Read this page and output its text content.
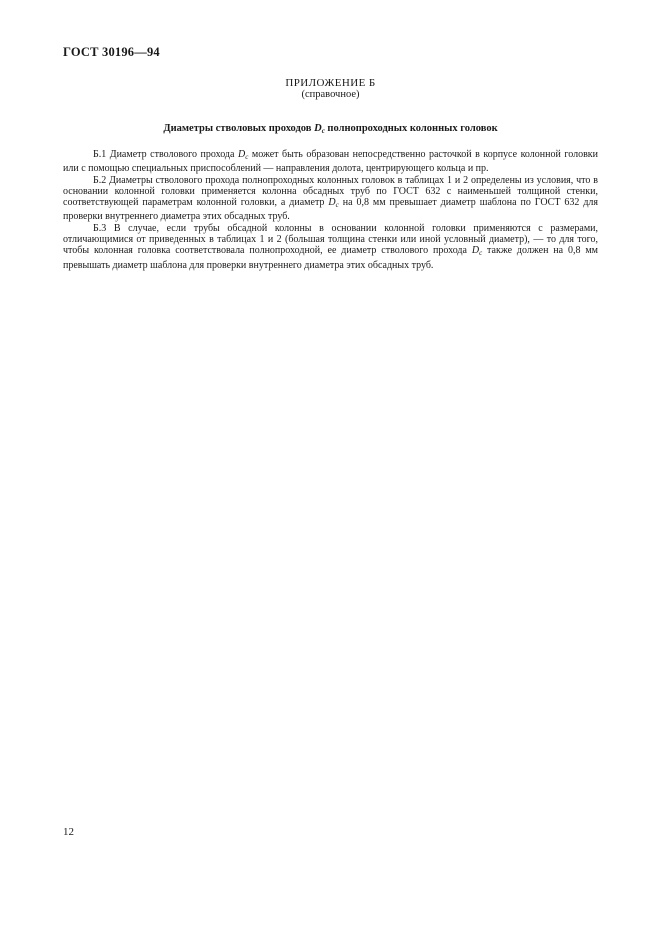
ГОСТ 30196—94
ПРИЛОЖЕНИЕ Б
(справочное)
Диаметры стволовых проходов $D_с$ полнопроходных колонных головок

Б.1 Диаметр стволового прохода $D_с$ может быть образован непосредственно расточкой в корпусе колонной головки или с помощью специальных приспособлений — направления долота, центрирующего кольца и пр.

Б.2 Диаметры стволового прохода полнопроходных колонных головок в таблицах 1 и 2 определены из условия, что в основании колонной головки применяется колонна обсадных труб по ГОСТ 632 с наименьшей толщиной стенки, соответствующей параметрам колонной головки, а диаметр $D_с$ на 0,8 мм превышает диаметр шаблона по ГОСТ 632 для проверки внутреннего диаметра этих обсадных труб.

Б.3 В случае, если трубы обсадной колонны в основании колонной головки применяются с размерами, отличающимися от приведенных в таблицах 1 и 2 (большая толщина стенки или иной условный диаметр), — то для того, чтобы колонная головка соответствовала полнопроходной, ее диаметр стволового прохода $D_с$ также должен на 0,8 мм превышать диаметр шаблона для проверки внутреннего диаметра этих обсадных труб.

12
